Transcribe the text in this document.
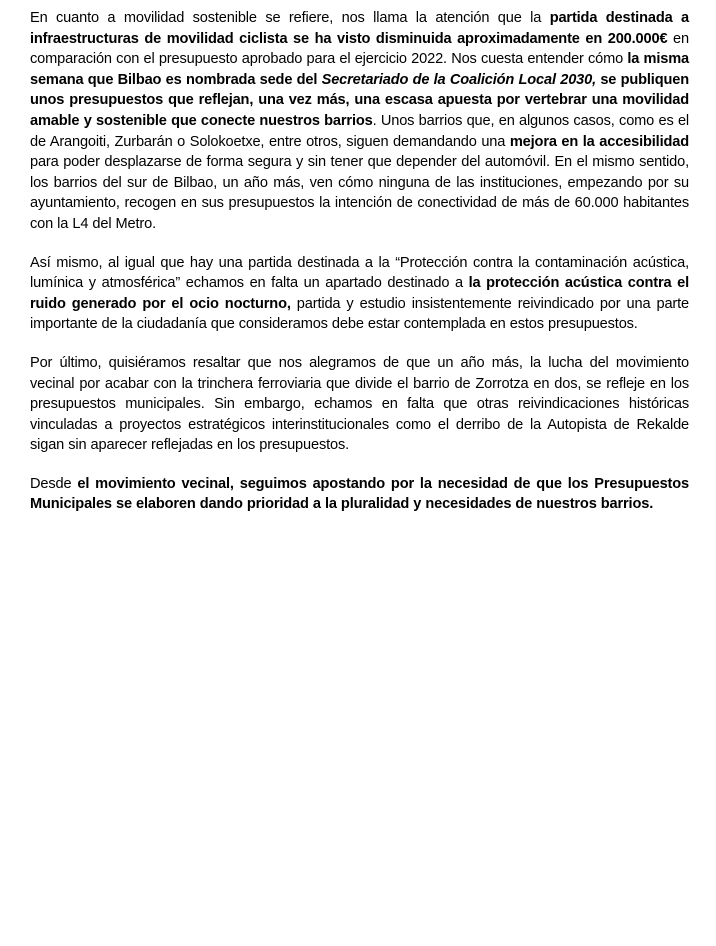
En cuanto a movilidad sostenible se refiere, nos llama la atención que la partida destinada a infraestructuras de movilidad ciclista se ha visto disminuida aproximadamente en 200.000€ en comparación con el presupuesto aprobado para el ejercicio 2022. Nos cuesta entender cómo la misma semana que Bilbao es nombrada sede del Secretariado de la Coalición Local 2030, se publiquen unos presupuestos que reflejan, una vez más, una escasa apuesta por vertebrar una movilidad amable y sostenible que conecte nuestros barrios. Unos barrios que, en algunos casos, como es el de Arangoiti, Zurbarán o Solokoetxe, entre otros, siguen demandando una mejora en la accesibilidad para poder desplazarse de forma segura y sin tener que depender del automóvil. En el mismo sentido, los barrios del sur de Bilbao, un año más, ven cómo ninguna de las instituciones, empezando por su ayuntamiento, recogen en sus presupuestos la intención de conectividad de más de 60.000 habitantes con la L4 del Metro.

Así mismo, al igual que hay una partida destinada a la “Protección contra la contaminación acústica, lumínica y atmosférica” echamos en falta un apartado destinado a la protección acústica contra el ruido generado por el ocio nocturno, partida y estudio insistentemente reivindicado por una parte importante de la ciudadanía que consideramos debe estar contemplada en estos presupuestos.

Por último, quisiéramos resaltar que nos alegramos de que un año más, la lucha del movimiento vecinal por acabar con la trinchera ferroviaria que divide el barrio de Zorrotza en dos, se refleje en los presupuestos municipales. Sin embargo, echamos en falta que otras reivindicaciones históricas vinculadas a proyectos estratégicos interinstitucionales como el derribo de la Autopista de Rekalde sigan sin aparecer reflejadas en los presupuestos.

Desde el movimiento vecinal, seguimos apostando por la necesidad de que los Presupuestos Municipales se elaboren dando prioridad a la pluralidad y necesidades de nuestros barrios.
